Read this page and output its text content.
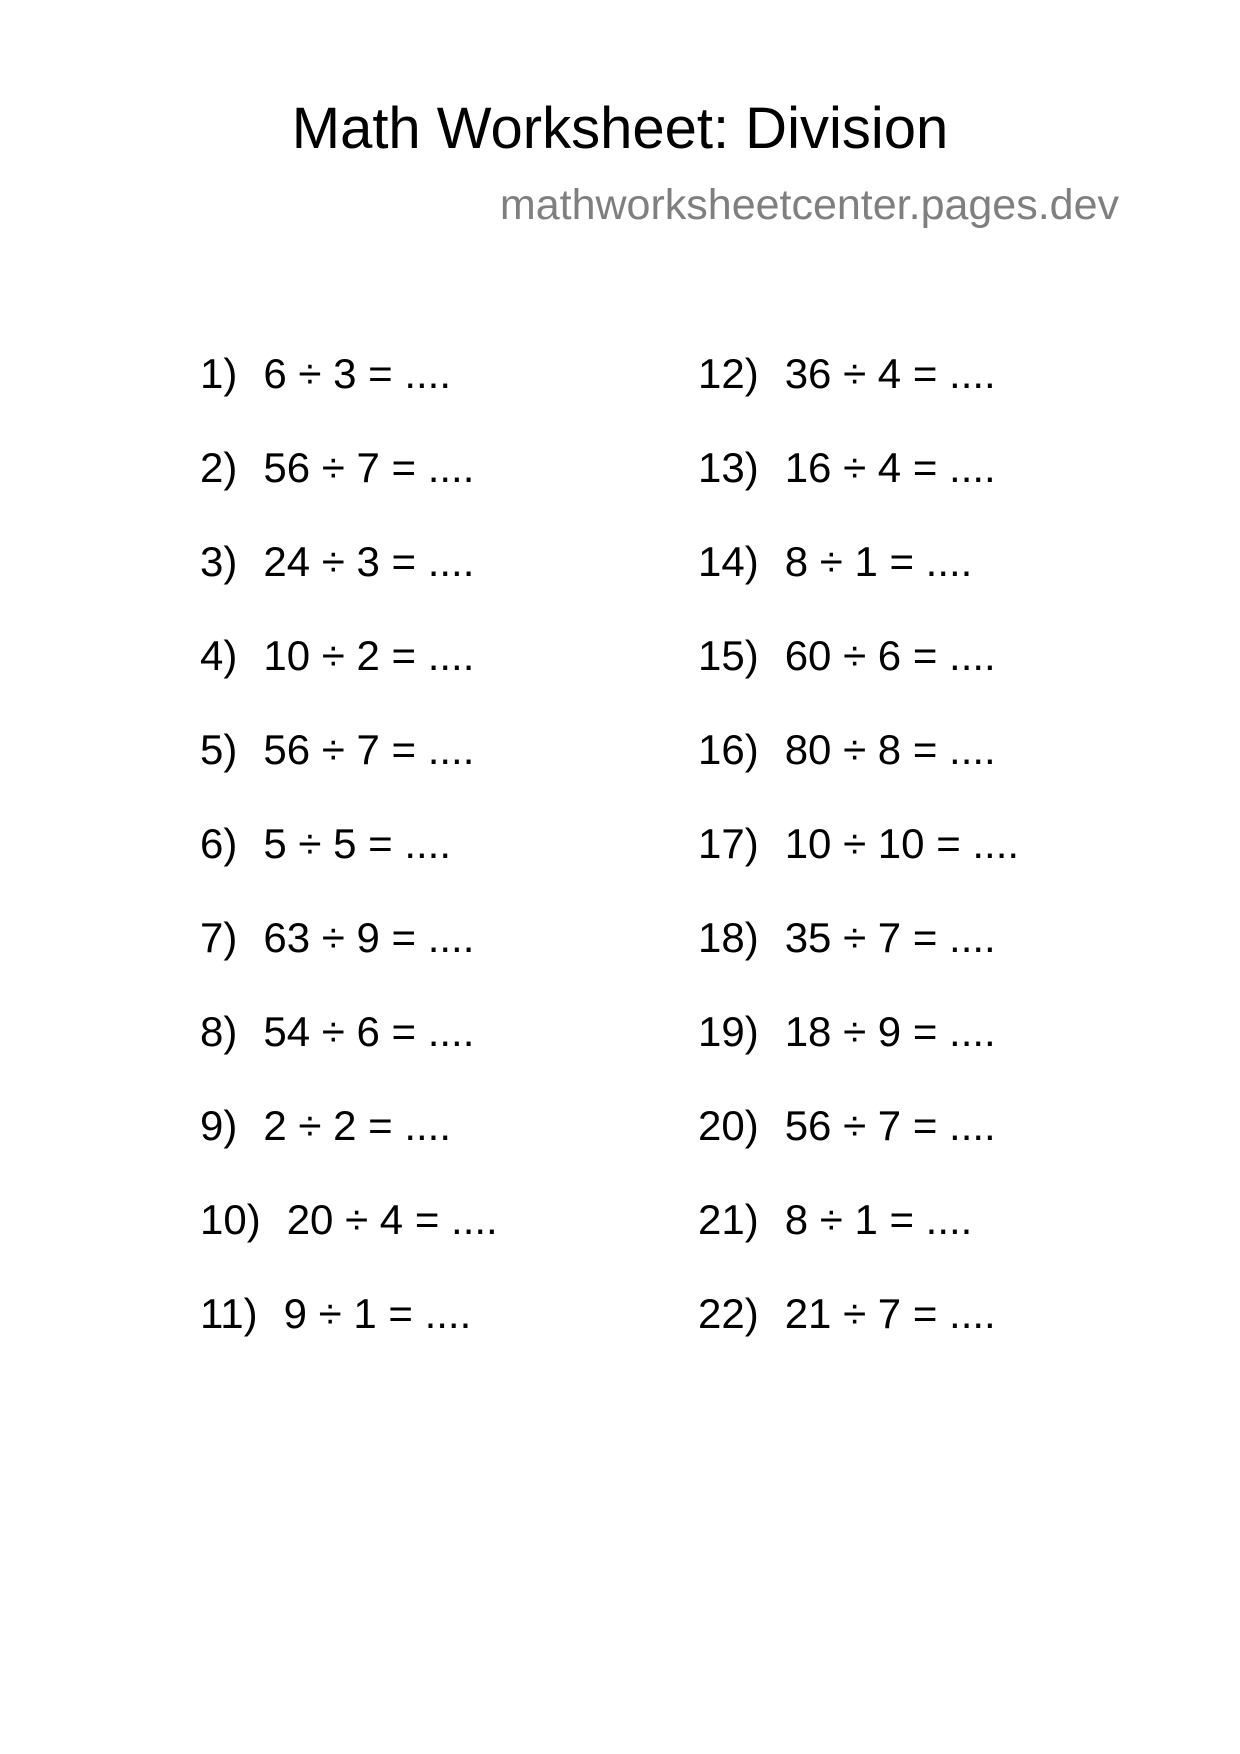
Math Worksheet: Division
mathworksheetcenter.pages.dev
1) 6 ÷ 3 = ....
2) 56 ÷ 7 = ....
3) 24 ÷ 3 = ....
4) 10 ÷ 2 = ....
5) 56 ÷ 7 = ....
6) 5 ÷ 5 = ....
7) 63 ÷ 9 = ....
8) 54 ÷ 6 = ....
9) 2 ÷ 2 = ....
10) 20 ÷ 4 = ....
11) 9 ÷ 1 = ....
12) 36 ÷ 4 = ....
13) 16 ÷ 4 = ....
14) 8 ÷ 1 = ....
15) 60 ÷ 6 = ....
16) 80 ÷ 8 = ....
17) 10 ÷ 10 = ....
18) 35 ÷ 7 = ....
19) 18 ÷ 9 = ....
20) 56 ÷ 7 = ....
21) 8 ÷ 1 = ....
22) 21 ÷ 7 = ....
